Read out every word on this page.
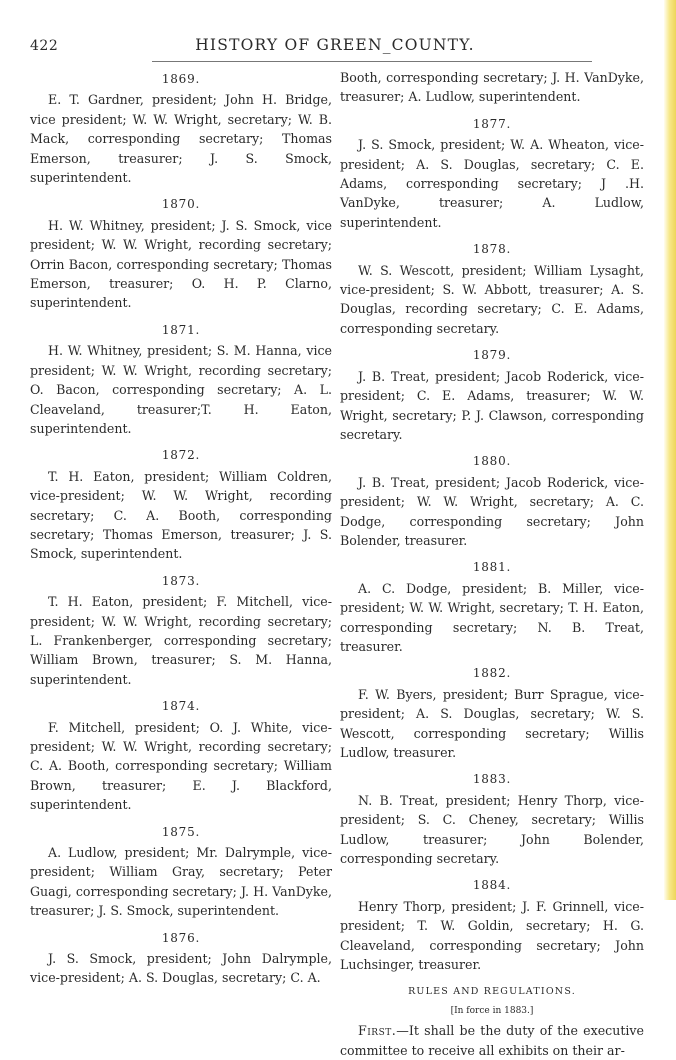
422	HISTORY OF GREEN_COUNTY.
1869.

E. T. Gardner, president; John H. Bridge, vice president; W. W. Wright, secretary; W. B. Mack, corresponding secretary; Thomas Emerson, treasurer; J. S. Smock, superintendent.

1870.

H. W. Whitney, president; J. S. Smock, vice president; W. W. Wright, recording secretary; Orrin Bacon, corresponding secretary; Thomas Emerson, treasurer; O. H. P. Clarno, superintendent.

1871.

H. W. Whitney, president; S. M. Hanna, vice president; W. W. Wright, recording secretary; O. Bacon, corresponding secretary; A. L. Cleaveland, treasurer;T. H. Eaton, superintendent.

1872.

T. H. Eaton, president; William Coldren, vice-president; W. W. Wright, recording secretary; C. A. Booth, corresponding secretary; Thomas Emerson, treasurer; J. S. Smock, superintendent.

1873.

T. H. Eaton, president; F. Mitchell, vice-president; W. W. Wright, recording secretary; L. Frankenberger, corresponding secretary; William Brown, treasurer; S. M. Hanna, superintendent.

1874.

F. Mitchell, president; O. J. White, vice-president; W. W. Wright, recording secretary; C. A. Booth, corresponding secretary; William Brown, treasurer; E. J. Blackford, superintendent.

1875.

A. Ludlow, president; Mr. Dalrymple, vice-president; William Gray, secretary; Peter Guagi, corresponding secretary; J. H. VanDyke, treasurer; J. S. Smock, superintendent.

1876.

J. S. Smock, president; John Dalrymple, vice-president; A. S. Douglas, secretary; C. A.

Booth, corresponding secretary; J. H. VanDyke, treasurer; A. Ludlow, superintendent.

1877.

J. S. Smock, president; W. A. Wheaton, vice-president; A. S. Douglas, secretary; C. E. Adams, corresponding secretary; J .H. VanDyke, treasurer; A. Ludlow, superintendent.

1878.

W. S. Wescott, president; William Lysaght, vice-president; S. W. Abbott, treasurer; A. S. Douglas, recording secretary; C. E. Adams, corresponding secretary.

1879.

J. B. Treat, president; Jacob Roderick, vice-president; C. E. Adams, treasurer; W. W. Wright, secretary; P. J. Clawson, corresponding secretary.

1880.

J. B. Treat, president; Jacob Roderick, vice-president; W. W. Wright, secretary; A. C. Dodge, corresponding secretary; John Bolender, treasurer.

1881.

A. C. Dodge, president; B. Miller, vice-president; W. W. Wright, secretary; T. H. Eaton, corresponding secretary; N. B. Treat, treasurer.

1882.

F. W. Byers, president; Burr Sprague, vice-president; A. S. Douglas, secretary; W. S. Wescott, corresponding secretary; Willis Ludlow, treasurer.

1883.

N. B. Treat, president; Henry Thorp, vice-president; S. C. Cheney, secretary; Willis Ludlow, treasurer; John Bolender, corresponding secretary.

1884.

Henry Thorp, president; J. F. Grinnell, vice-president; T. W. Goldin, secretary; H. G. Cleaveland, corresponding secretary; John Luchsinger, treasurer.

RULES AND REGULATIONS.
[In force in 1883.]

First.—It shall be the duty of the executive committee to receive all exhibits on their ar-
